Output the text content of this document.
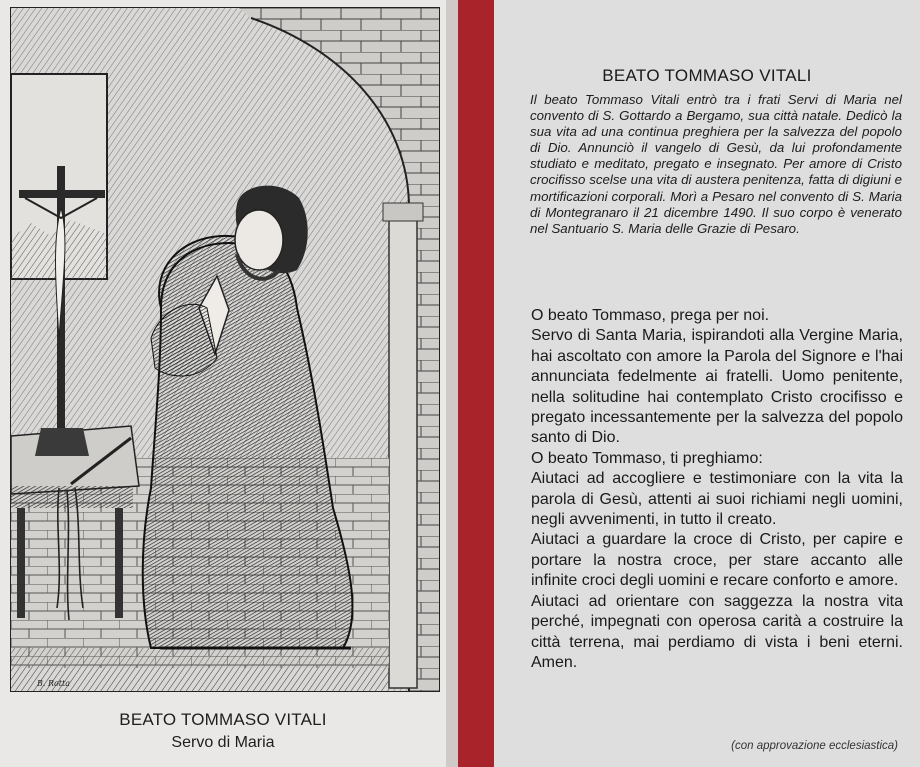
B. Rotta
BEATO TOMMASO VITALI
Servo di Maria
BEATO TOMMASO VITALI
Il beato Tommaso Vitali entrò tra i frati Servi di Maria nel convento di S. Gottardo a Bergamo, sua città natale. Dedicò la sua vita ad una continua preghiera per la salvezza del popolo di Dio. Annunciò il vangelo di Gesù, da lui profondamente studiato e meditato, pregato e insegnato. Per amore di Cristo crocifisso scelse una vita di austera penitenza, fatta di digiuni e mortificazioni corporali. Morì a Pesaro nel convento di S. Maria di Montegranaro il 21 dicembre 1490. Il suo corpo è venerato nel Santuario S. Maria delle Grazie di Pesaro.

O beato Tommaso, prega per noi.

Servo di Santa Maria, ispirandoti alla Vergine Maria, hai ascoltato con amore la Parola del Signore e l'hai annunciata fedelmente ai fratelli. Uomo penitente, nella solitudine hai contemplato Cristo crocifisso e pregato incessantemente per la salvezza del popolo santo di Dio.

O beato Tommaso, ti preghiamo:

Aiutaci ad accogliere e testimoniare con la vita la parola di Gesù, attenti ai suoi richiami negli uomini, negli avvenimenti, in tutto il creato.

Aiutaci a guardare la croce di Cristo, per capire e portare la nostra croce, per stare accanto alle infinite croci degli uomini e recare conforto e amore.

Aiutaci ad orientare con saggezza la nostra vita perché, impegnati con operosa carità a costruire la città terrena, mai perdiamo di vista i beni eterni. Amen.

(con approvazione ecclesiastica)
